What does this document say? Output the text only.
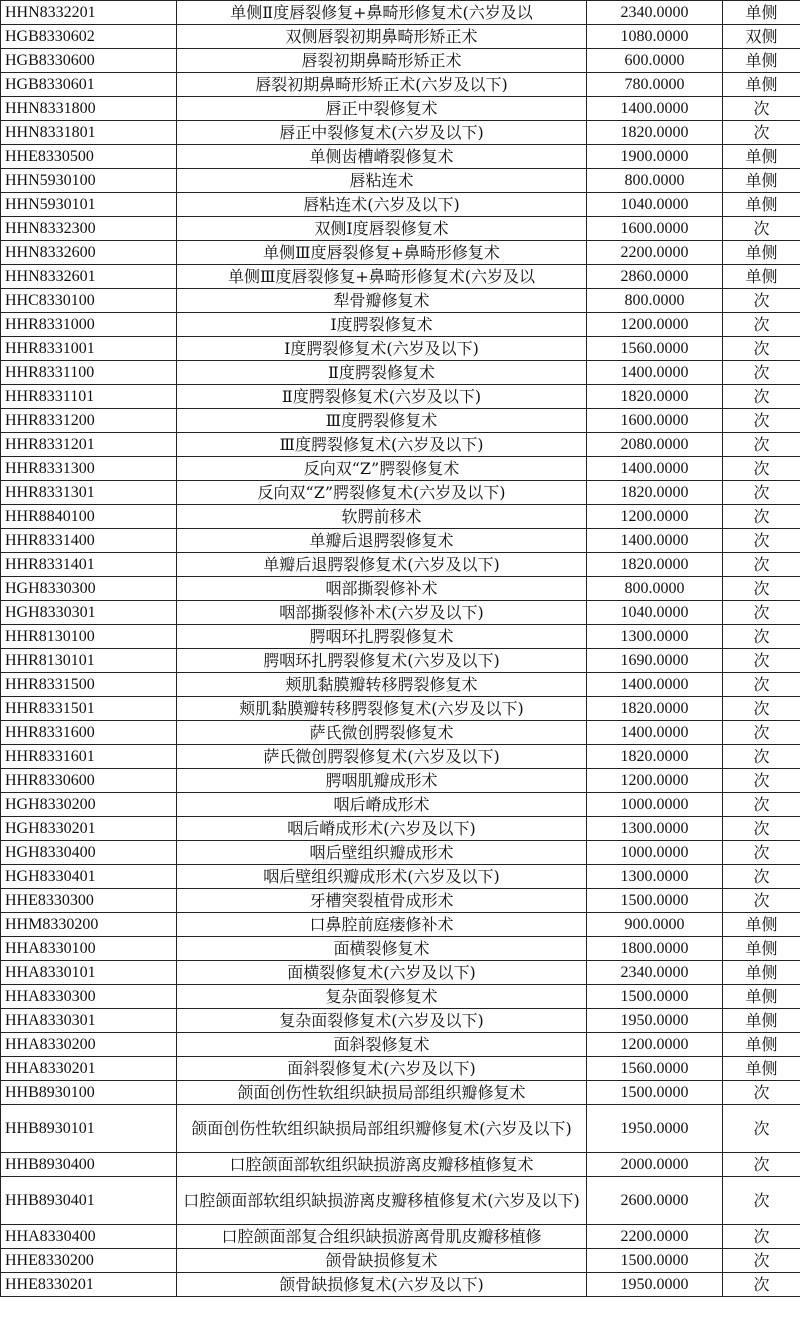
HHN8332201	单侧Ⅱ度唇裂修复+鼻畸形修复术(六岁及以	2340.0000	单侧
HGB8330602	双侧唇裂初期鼻畸形矫正术	1080.0000	双侧
HGB8330600	唇裂初期鼻畸形矫正术	600.0000	单侧
HGB8330601	唇裂初期鼻畸形矫正术(六岁及以下)	780.0000	单侧
HHN8331800	唇正中裂修复术	1400.0000	次
HHN8331801	唇正中裂修复术(六岁及以下)	1820.0000	次
HHE8330500	单侧齿槽嵴裂修复术	1900.0000	单侧
HHN5930100	唇粘连术	800.0000	单侧
HHN5930101	唇粘连术(六岁及以下)	1040.0000	单侧
HHN8332300	双侧Ⅰ度唇裂修复术	1600.0000	次
HHN8332600	单侧Ⅲ度唇裂修复+鼻畸形修复术	2200.0000	单侧
HHN8332601	单侧Ⅲ度唇裂修复+鼻畸形修复术(六岁及以	2860.0000	单侧
HHC8330100	犁骨瓣修复术	800.0000	次
HHR8331000	Ⅰ度腭裂修复术	1200.0000	次
HHR8331001	Ⅰ度腭裂修复术(六岁及以下)	1560.0000	次
HHR8331100	Ⅱ度腭裂修复术	1400.0000	次
HHR8331101	Ⅱ度腭裂修复术(六岁及以下)	1820.0000	次
HHR8331200	Ⅲ度腭裂修复术	1600.0000	次
HHR8331201	Ⅲ度腭裂修复术(六岁及以下)	2080.0000	次
HHR8331300	反向双“Z”腭裂修复术	1400.0000	次
HHR8331301	反向双“Z”腭裂修复术(六岁及以下)	1820.0000	次
HHR8840100	软腭前移术	1200.0000	次
HHR8331400	单瓣后退腭裂修复术	1400.0000	次
HHR8331401	单瓣后退腭裂修复术(六岁及以下)	1820.0000	次
HGH8330300	咽部撕裂修补术	800.0000	次
HGH8330301	咽部撕裂修补术(六岁及以下)	1040.0000	次
HHR8130100	腭咽环扎腭裂修复术	1300.0000	次
HHR8130101	腭咽环扎腭裂修复术(六岁及以下)	1690.0000	次
HHR8331500	颊肌黏膜瓣转移腭裂修复术	1400.0000	次
HHR8331501	颊肌黏膜瓣转移腭裂修复术(六岁及以下)	1820.0000	次
HHR8331600	萨氏微创腭裂修复术	1400.0000	次
HHR8331601	萨氏微创腭裂修复术(六岁及以下)	1820.0000	次
HHR8330600	腭咽肌瓣成形术	1200.0000	次
HGH8330200	咽后嵴成形术	1000.0000	次
HGH8330201	咽后嵴成形术(六岁及以下)	1300.0000	次
HGH8330400	咽后壁组织瓣成形术	1000.0000	次
HGH8330401	咽后壁组织瓣成形术(六岁及以下)	1300.0000	次
HHE8330300	牙槽突裂植骨成形术	1500.0000	次
HHM8330200	口鼻腔前庭瘘修补术	900.0000	单侧
HHA8330100	面横裂修复术	1800.0000	单侧
HHA8330101	面横裂修复术(六岁及以下)	2340.0000	单侧
HHA8330300	复杂面裂修复术	1500.0000	单侧
HHA8330301	复杂面裂修复术(六岁及以下)	1950.0000	单侧
HHA8330200	面斜裂修复术	1200.0000	单侧
HHA8330201	面斜裂修复术(六岁及以下)	1560.0000	单侧
HHB8930100	颌面创伤性软组织缺损局部组织瓣修复术	1500.0000	次
HHB8930101	颌面创伤性软组织缺损局部组织瓣修复术(六岁及以下)	1950.0000	次
HHB8930400	口腔颌面部软组织缺损游离皮瓣移植修复术	2000.0000	次
HHB8930401	口腔颌面部软组织缺损游离皮瓣移植修复术(六岁及以下)	2600.0000	次
HHA8330400	口腔颌面部复合组织缺损游离骨肌皮瓣移植修	2200.0000	次
HHE8330200	颌骨缺损修复术	1500.0000	次
HHE8330201	颌骨缺损修复术(六岁及以下)	1950.0000	次
